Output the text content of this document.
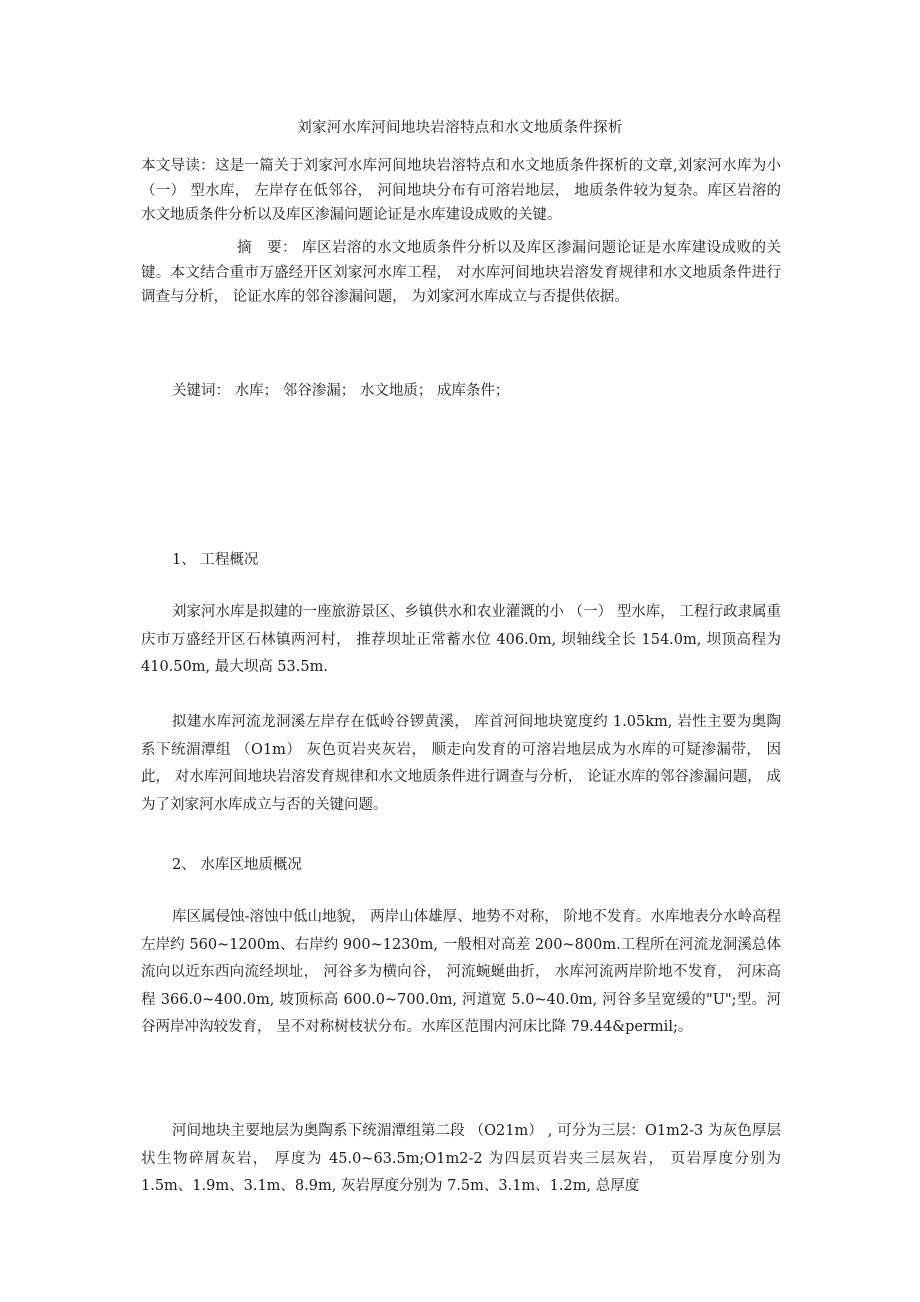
刘家河水库河间地块岩溶特点和水文地质条件探析
本文导读：这是一篇关于刘家河水库河间地块岩溶特点和水文地质条件探析的文章,刘家河水库为小 （一） 型水库， 左岸存在低邻谷， 河间地块分布有可溶岩地层， 地质条件较为复杂。库区岩溶的水文地质条件分析以及库区渗漏问题论证是水库建设成败的关键。
摘　要： 库区岩溶的水文地质条件分析以及库区渗漏问题论证是水库建设成败的关键。本文结合重市万盛经开区刘家河水库工程， 对水库河间地块岩溶发育规律和水文地质条件进行调查与分析， 论证水库的邻谷渗漏问题， 为刘家河水库成立与否提供依据。
关键词： 水库； 邻谷渗漏； 水文地质； 成库条件；
1、 工程概况
刘家河水库是拟建的一座旅游景区、乡镇供水和农业灌溉的小 （一） 型水库， 工程行政隶属重庆市万盛经开区石林镇两河村， 推荐坝址正常蓄水位 406.0m, 坝轴线全长 154.0m, 坝顶高程为 410.50m, 最大坝高 53.5m.
拟建水库河流龙洞溪左岸存在低岭谷锣黄溪， 库首河间地块宽度约 1.05km, 岩性主要为奥陶系下统湄潭组 （O1m） 灰色页岩夹灰岩， 顺走向发育的可溶岩地层成为水库的可疑渗漏带， 因此， 对水库河间地块岩溶发育规律和水文地质条件进行调查与分析， 论证水库的邻谷渗漏问题， 成为了刘家河水库成立与否的关键问题。
2、 水库区地质概况
库区属侵蚀-溶蚀中低山地貌， 两岸山体雄厚、地势不对称， 阶地不发育。水库地表分水岭高程左岸约 560~1200m、右岸约 900~1230m, 一般相对高差 200~800m.工程所在河流龙洞溪总体流向以近东西向流经坝址， 河谷多为横向谷， 河流蜿蜒曲折， 水库河流两岸阶地不发育， 河床高程 366.0~400.0m, 坡顶标高 600.0~700.0m, 河道宽 5.0~40.0m, 河谷多呈宽缓的"U";型。河谷两岸冲沟较发育， 呈不对称树枝状分布。水库区范围内河床比降 79.44&permil;。
河间地块主要地层为奥陶系下统湄潭组第二段 （O21m） , 可分为三层：O1m2-3 为灰色厚层状生物碎屑灰岩， 厚度为 45.0~63.5m;O1m2-2 为四层页岩夹三层灰岩， 页岩厚度分别为 1.5m、1.9m、3.1m、8.9m, 灰岩厚度分别为 7.5m、3.1m、1.2m, 总厚度
